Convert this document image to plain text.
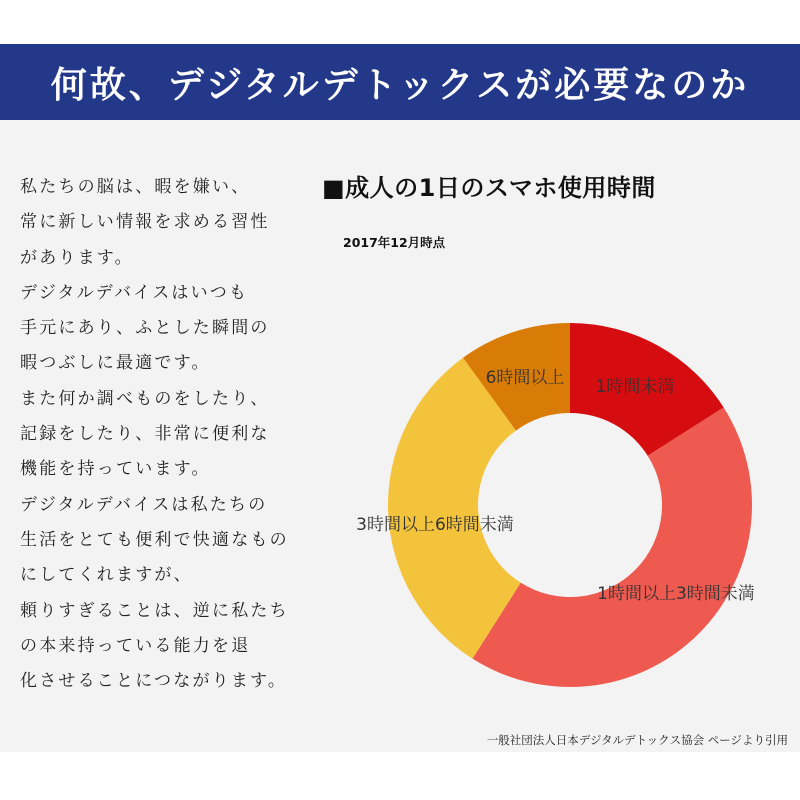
何故、デジタルデトックスが必要なのか
私たちの脳は、暇を嫌い、
常に新しい情報を求める習性
があります。
デジタルデバイスはいつも
手元にあり、ふとした瞬間の
暇つぶしに最適です。
また何か調べものをしたり、
記録をしたり、非常に便利な
機能を持っています。
デジタルデバイスは私たちの
生活をとても便利で快適なもの
にしてくれますが、
頼りすぎることは、逆に私たち
の本来持っている能力を退
化させることにつながります。
■成人の1日のスマホ使用時間
2017年12月時点
1時間未満
1時間以上3時間未満
3時間以上6時間未満
6時間以上
一般社団法人日本デジタルデトックス協会 ページより引用
